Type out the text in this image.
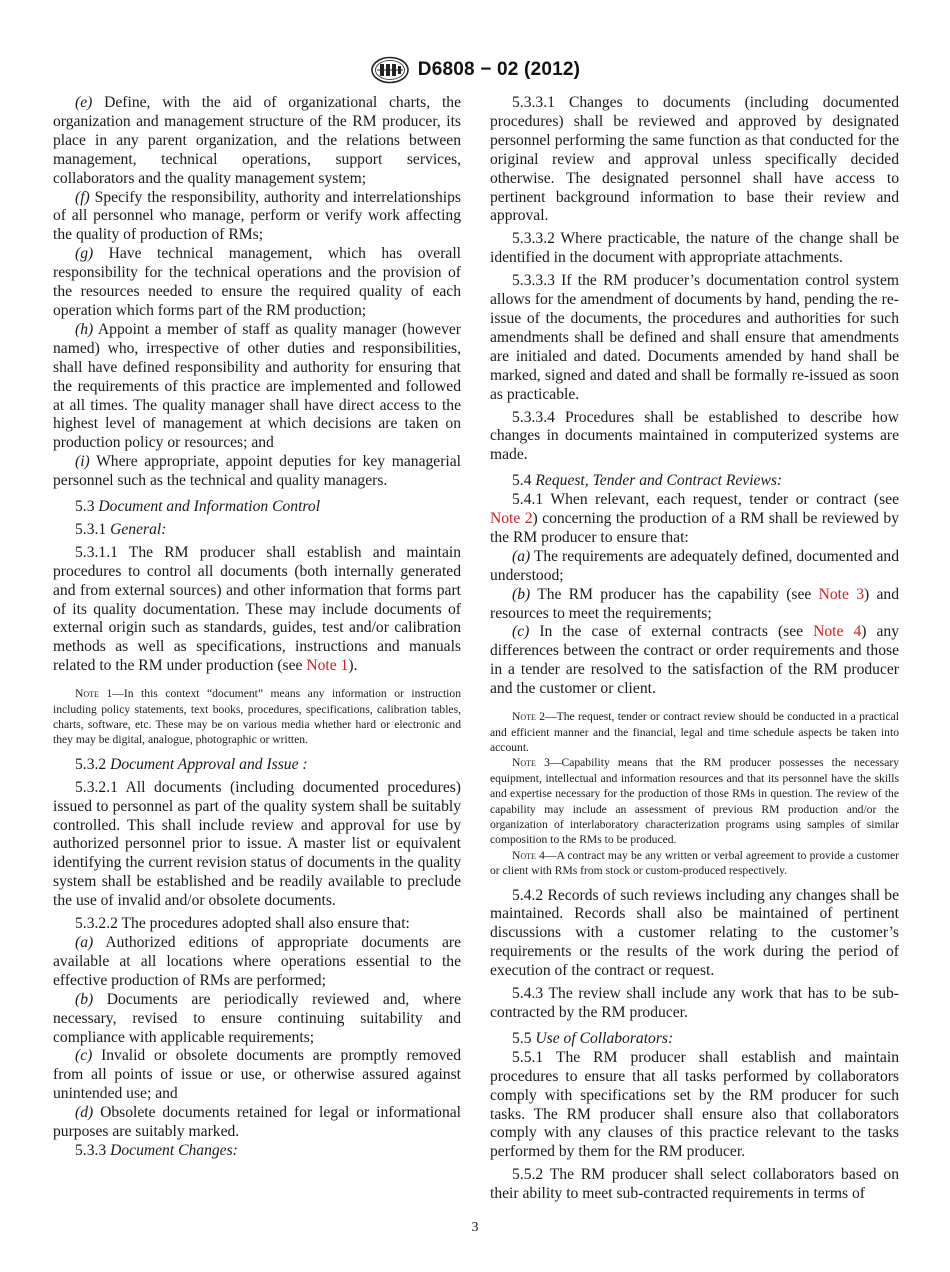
D6808 − 02 (2012)

(e) Define, with the aid of organizational charts, the organization and management structure of the RM producer, its place in any parent organization, and the relations between management, technical operations, support services, collaborators and the quality management system;

(f) Specify the responsibility, authority and interrelationships of all personnel who manage, perform or verify work affecting the quality of production of RMs;

(g) Have technical management, which has overall responsibility for the technical operations and the provision of the resources needed to ensure the required quality of each operation which forms part of the RM production;

(h) Appoint a member of staff as quality manager (however named) who, irrespective of other duties and responsibilities, shall have defined responsibility and authority for ensuring that the requirements of this practice are implemented and followed at all times. The quality manager shall have direct access to the highest level of management at which decisions are taken on production policy or resources; and

(i) Where appropriate, appoint deputies for key managerial personnel such as the technical and quality managers.

5.3 Document and Information Control

5.3.1 General:

5.3.1.1 The RM producer shall establish and maintain procedures to control all documents (both internally generated and from external sources) and other information that forms part of its quality documentation. These may include documents of external origin such as standards, guides, test and/or calibration methods as well as specifications, instructions and manuals related to the RM under production (see Note 1).

Note 1—In this context “document” means any information or instruction including policy statements, text books, procedures, specifications, calibration tables, charts, software, etc. These may be on various media whether hard or electronic and they may be digital, analogue, photographic or written.

5.3.2 Document Approval and Issue :

5.3.2.1 All documents (including documented procedures) issued to personnel as part of the quality system shall be suitably controlled. This shall include review and approval for use by authorized personnel prior to issue. A master list or equivalent identifying the current revision status of documents in the quality system shall be established and be readily available to preclude the use of invalid and/or obsolete documents.

5.3.2.2 The procedures adopted shall also ensure that:

(a) Authorized editions of appropriate documents are available at all locations where operations essential to the effective production of RMs are performed;

(b) Documents are periodically reviewed and, where necessary, revised to ensure continuing suitability and compliance with applicable requirements;

(c) Invalid or obsolete documents are promptly removed from all points of issue or use, or otherwise assured against unintended use; and

(d) Obsolete documents retained for legal or informational purposes are suitably marked.

5.3.3 Document Changes:

5.3.3.1 Changes to documents (including documented procedures) shall be reviewed and approved by designated personnel performing the same function as that conducted for the original review and approval unless specifically decided otherwise. The designated personnel shall have access to pertinent background information to base their review and approval.

5.3.3.2 Where practicable, the nature of the change shall be identified in the document with appropriate attachments.

5.3.3.3 If the RM producer’s documentation control system allows for the amendment of documents by hand, pending the re-issue of the documents, the procedures and authorities for such amendments shall be defined and shall ensure that amendments are initialed and dated. Documents amended by hand shall be marked, signed and dated and shall be formally re-issued as soon as practicable.

5.3.3.4 Procedures shall be established to describe how changes in documents maintained in computerized systems are made.

5.4 Request, Tender and Contract Reviews:

5.4.1 When relevant, each request, tender or contract (see Note 2) concerning the production of a RM shall be reviewed by the RM producer to ensure that:

(a) The requirements are adequately defined, documented and understood;

(b) The RM producer has the capability (see Note 3) and resources to meet the requirements;

(c) In the case of external contracts (see Note 4) any differences between the contract or order requirements and those in a tender are resolved to the satisfaction of the RM producer and the customer or client.

Note 2—The request, tender or contract review should be conducted in a practical and efficient manner and the financial, legal and time schedule aspects be taken into account.

Note 3—Capability means that the RM producer possesses the necessary equipment, intellectual and information resources and that its personnel have the skills and expertise necessary for the production of those RMs in question. The review of the capability may include an assessment of previous RM production and/or the organization of interlaboratory characterization programs using samples of similar composition to the RMs to be produced.

Note 4—A contract may be any written or verbal agreement to provide a customer or client with RMs from stock or custom-produced respectively.

5.4.2 Records of such reviews including any changes shall be maintained. Records shall also be maintained of pertinent discussions with a customer relating to the customer’s requirements or the results of the work during the period of execution of the contract or request.

5.4.3 The review shall include any work that has to be sub-contracted by the RM producer.

5.5 Use of Collaborators:

5.5.1 The RM producer shall establish and maintain procedures to ensure that all tasks performed by collaborators comply with specifications set by the RM producer for such tasks. The RM producer shall ensure also that collaborators comply with any clauses of this practice relevant to the tasks performed by them for the RM producer.

5.5.2 The RM producer shall select collaborators based on their ability to meet sub-contracted requirements in terms of

3
